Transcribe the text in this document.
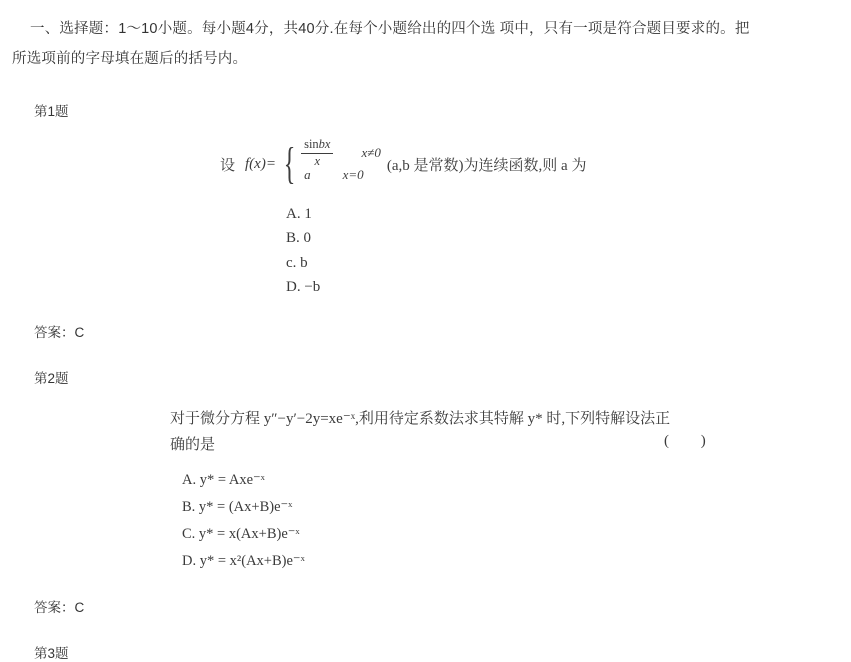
一、选择题：1～10小题。每小题4分，共40分.在每个小题给出的四个选 项中，只有一项是符合题目要求的。把
所选项前的字母填在题后的括号内。
第1题
设 f(x)= { $\frac{\text{sinbx}}{x} x\ne 0$
a x=0
(a,b 是常数)为连续函数,则 a 为
A. 1
B. 0
c. b
D. −b
答案：C
第2题
对于微分方程 y″−y′−2y=xe⁻ˣ,利用待定系数法求其特解 y* 时,下列特解设法正
确的是	( )
A. y* = Axe⁻ˣ
B. y* = (Ax+B)e⁻ˣ
C. y* = x(Ax+B)e⁻ˣ
D. y* = x²(Ax+B)e⁻ˣ
答案：C
第3题
